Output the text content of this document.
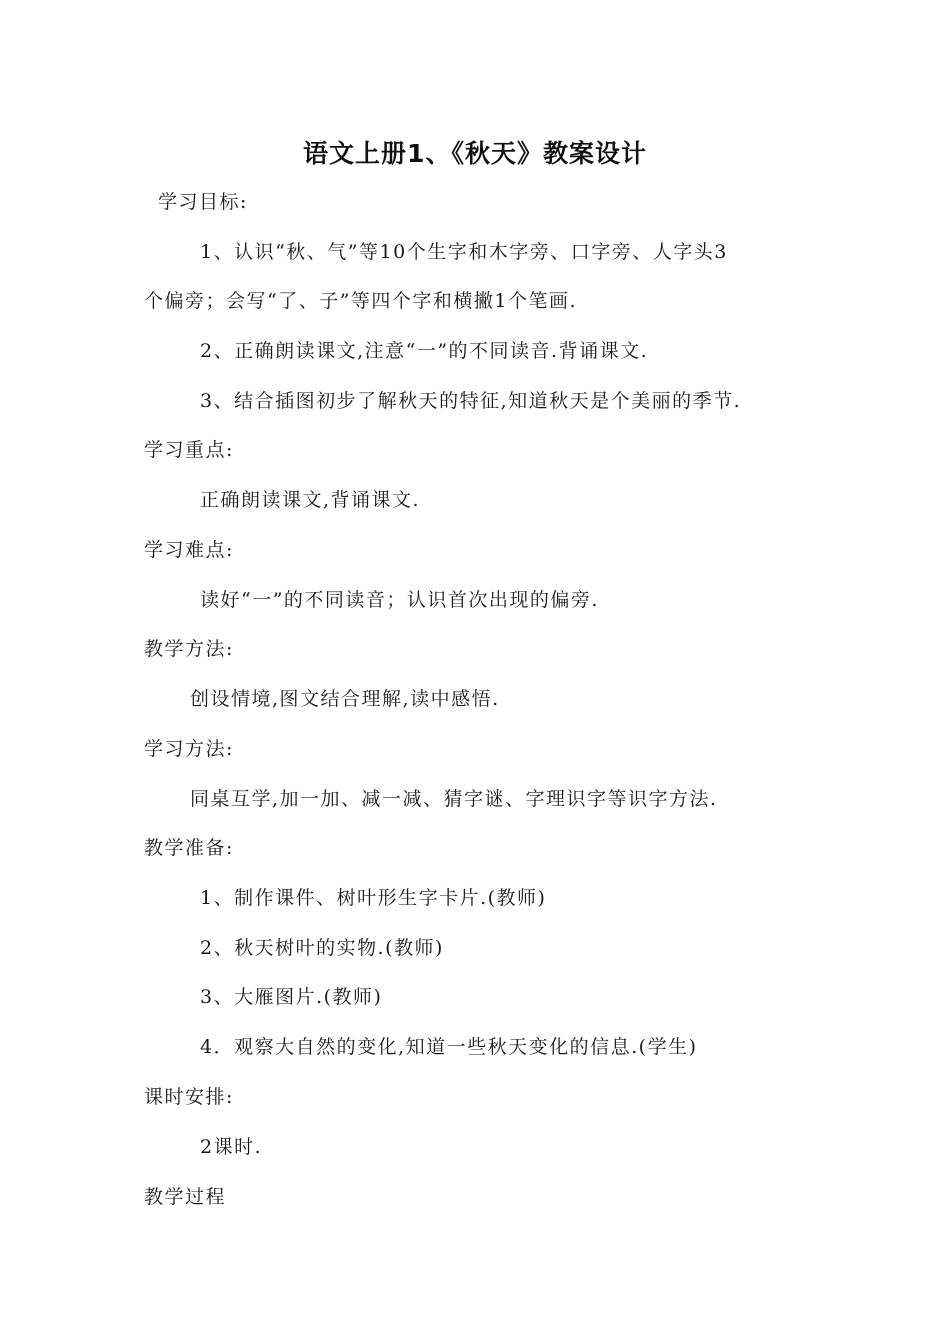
语文上册1、《秋天》教案设计
学习目标:
1、认识“秋、气”等10个生字和木字旁、口字旁、人字头3
个偏旁；会写“了、子”等四个字和横撇1个笔画.
2、正确朗读课文,注意“一”的不同读音.背诵课文.
3、结合插图初步了解秋天的特征,知道秋天是个美丽的季节.
学习重点:
正确朗读课文,背诵课文.
学习难点:
读好“一”的不同读音；认识首次出现的偏旁.
教学方法:
创设情境,图文结合理解,读中感悟.
学习方法:
同桌互学,加一加、减一减、猜字谜、字理识字等识字方法.
教学准备:
1、制作课件、树叶形生字卡片.(教师)
2、秋天树叶的实物.(教师)
3、大雁图片.(教师)
4．观察大自然的变化,知道一些秋天变化的信息.(学生)
课时安排:
2课时.
教学过程
